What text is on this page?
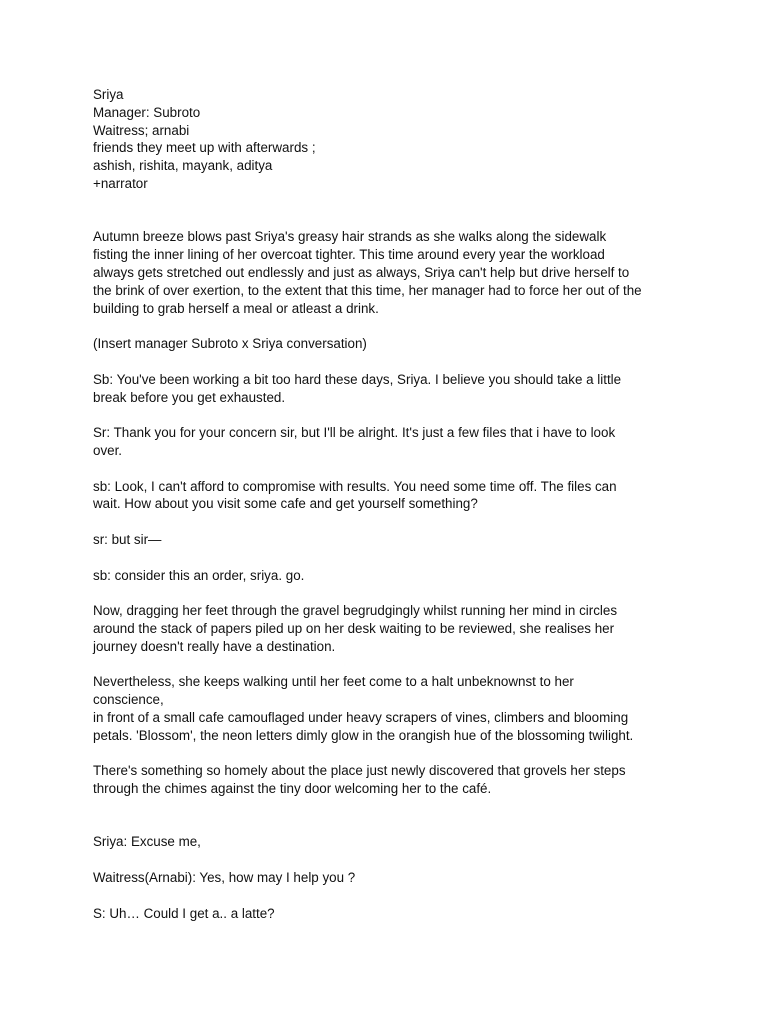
Sriya
Manager: Subroto
Waitress; arnabi
friends they meet up with afterwards ;
ashish, rishita, mayank, aditya
+narrator
Autumn breeze blows past Sriya's greasy hair strands as she walks along the sidewalk
fisting the inner lining of her overcoat tighter. This time around every year the workload
always gets stretched out endlessly and just as always, Sriya can't help but drive herself to
the brink of over exertion, to the extent that this time, her manager had to force her out of the
building to grab herself a meal or atleast a drink.
(Insert manager Subroto x Sriya conversation)
Sb: You've been working a bit too hard these days, Sriya. I believe you should take a little
break before you get exhausted.
Sr: Thank you for your concern sir, but I'll be alright. It's just a few files that i have to look
over.
sb: Look, I can't afford to compromise with results. You need some time off. The files can
wait. How about you visit some cafe and get yourself something?
sr: but sir—
sb: consider this an order, sriya. go.
Now, dragging her feet through the gravel begrudgingly whilst running her mind in circles
around the stack of papers piled up on her desk waiting to be reviewed, she realises her
journey doesn't really have a destination.
Nevertheless, she keeps walking until her feet come to a halt unbeknownst to her
conscience,
in front of a small cafe camouflaged under heavy scrapers of vines, climbers and blooming
petals. 'Blossom', the neon letters dimly glow in the orangish hue of the blossoming twilight.
There's something so homely about the place just newly discovered that grovels her steps
through the chimes against the tiny door welcoming her to the café.
Sriya: Excuse me,
Waitress(Arnabi): Yes, how may I help you ?
S: Uh… Could I get a.. a latte?
